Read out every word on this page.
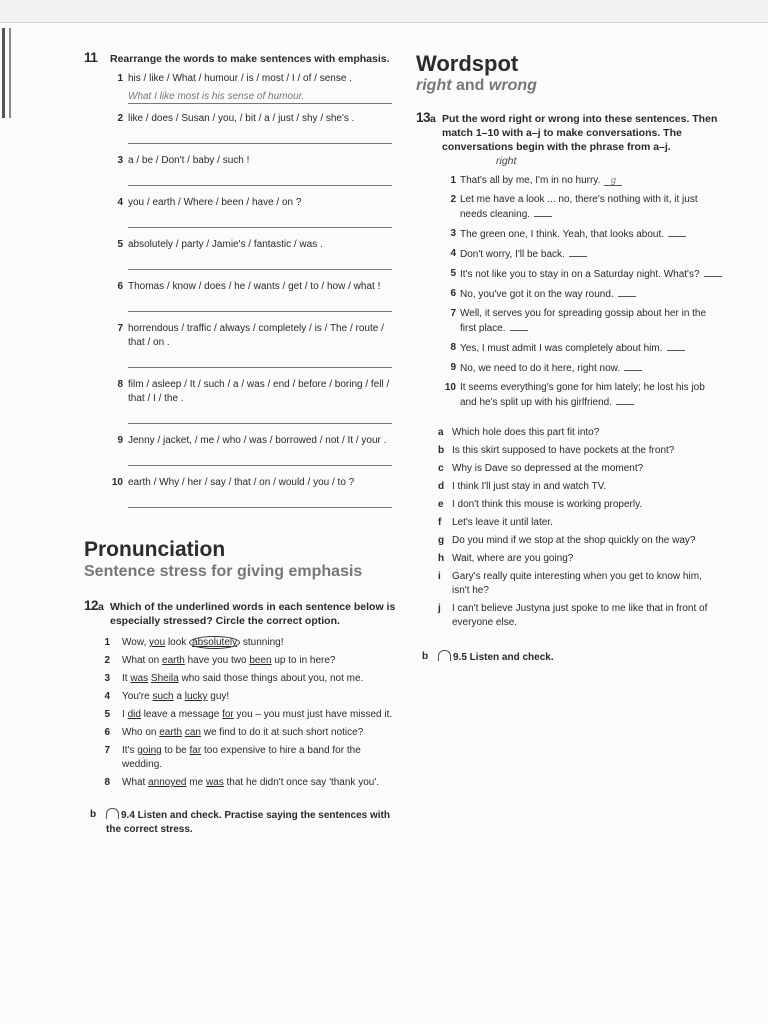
11 Rearrange the words to make sentences with emphasis.
1 his / like / What / humour / is / most / I / of / sense .
What I like most is his sense of humour.
2 like / does / Susan / you, / bit / a / just / shy / she's .
3 a / be / Don't / baby / such !
4 you / earth / Where / been / have / on ?
5 absolutely / party / Jamie's / fantastic / was .
6 Thomas / know / does / he / wants / get / to / how / what !
7 horrendous / traffic / always / completely / is / The / route / that / on .
8 film / asleep / It / such / a / was / end / before / boring / fell / that / I / the .
9 Jenny / jacket, / me / who / was / borrowed / not / It / your .
10 earth / Why / her / say / that / on / would / you / to ?
Pronunciation
Sentence stress for giving emphasis
12a Which of the underlined words in each sentence below is especially stressed? Circle the correct option.
1 Wow, you look absolutely stunning!
2 What on earth have you two been up to in here?
3 It was Sheila who said those things about you, not me.
4 You're such a lucky guy!
5 I did leave a message for you – you must just have missed it.
6 Who on earth can we find to do it at such short notice?
7 It's going to be far too expensive to hire a band for the wedding.
8 What annoyed me was that he didn't once say 'thank you'.
b 9.4 Listen and check. Practise saying the sentences with the correct stress.
Wordspot
right and wrong
13a Put the word right or wrong into these sentences. Then match 1–10 with a–j to make conversations. The conversations begin with the phrase from a–j.
right
1 That's all by me, I'm in no hurry. g
2 Let me have a look ... no, there's nothing with it, it just needs cleaning.
3 The green one, I think. Yeah, that looks about.
4 Don't worry, I'll be back.
5 It's not like you to stay in on a Saturday night. What's?
6 No, you've got it on the way round.
7 Well, it serves you for spreading gossip about her in the first place.
8 Yes, I must admit I was completely about him.
9 No, we need to do it here, right now.
10 It seems everything's gone for him lately; he lost his job and he's split up with his girlfriend.
a Which hole does this part fit into?
b Is this skirt supposed to have pockets at the front?
c Why is Dave so depressed at the moment?
d I think I'll just stay in and watch TV.
e I don't think this mouse is working properly.
f Let's leave it until later.
g Do you mind if we stop at the shop quickly on the way?
h Wait, where are you going?
i Gary's really quite interesting when you get to know him, isn't he?
j I can't believe Justyna just spoke to me like that in front of everyone else.
b 9.5 Listen and check.
